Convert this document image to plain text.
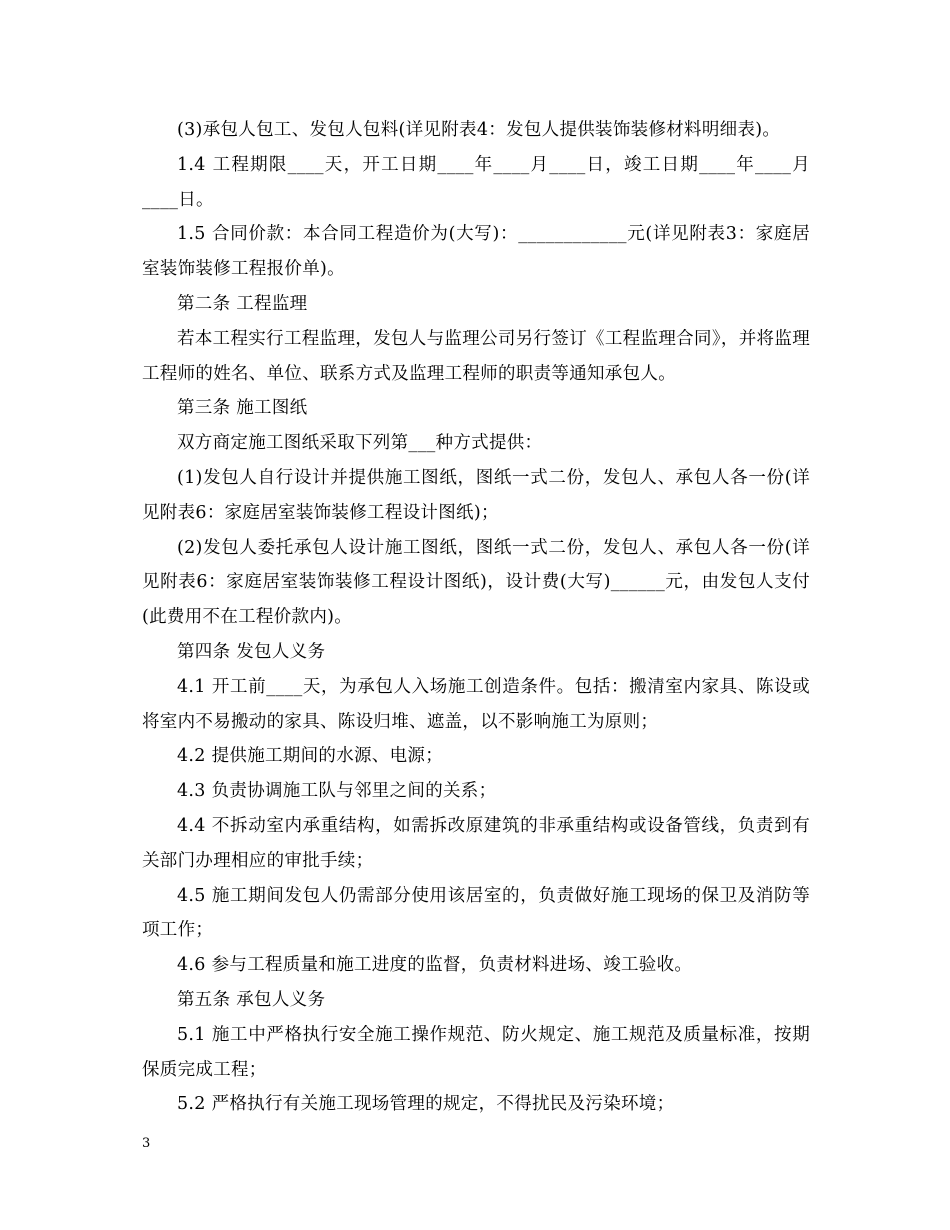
(3)承包人包工、发包人包料(详见附表4：发包人提供装饰装修材料明细表)。

1.4 工程期限____天，开工日期____年____月____日，竣工日期____年____月____日。

1.5 合同价款：本合同工程造价为(大写)：____________元(详见附表3：家庭居室装饰装修工程报价单)。

第二条 工程监理

若本工程实行工程监理，发包人与监理公司另行签订《工程监理合同》，并将监理工程师的姓名、单位、联系方式及监理工程师的职责等通知承包人。

第三条 施工图纸

双方商定施工图纸采取下列第___种方式提供：

(1)发包人自行设计并提供施工图纸，图纸一式二份，发包人、承包人各一份(详见附表6：家庭居室装饰装修工程设计图纸)；

(2)发包人委托承包人设计施工图纸，图纸一式二份，发包人、承包人各一份(详见附表6：家庭居室装饰装修工程设计图纸)，设计费(大写)______元，由发包人支付(此费用不在工程价款内)。

第四条 发包人义务

4.1 开工前____天，为承包人入场施工创造条件。包括：搬清室内家具、陈设或将室内不易搬动的家具、陈设归堆、遮盖，以不影响施工为原则；

4.2 提供施工期间的水源、电源；

4.3 负责协调施工队与邻里之间的关系；

4.4 不拆动室内承重结构，如需拆改原建筑的非承重结构或设备管线，负责到有关部门办理相应的审批手续；

4.5 施工期间发包人仍需部分使用该居室的，负责做好施工现场的保卫及消防等项工作；

4.6 参与工程质量和施工进度的监督，负责材料进场、竣工验收。

第五条 承包人义务

5.1 施工中严格执行安全施工操作规范、防火规定、施工规范及质量标准，按期保质完成工程；

5.2 严格执行有关施工现场管理的规定，不得扰民及污染环境；

3
